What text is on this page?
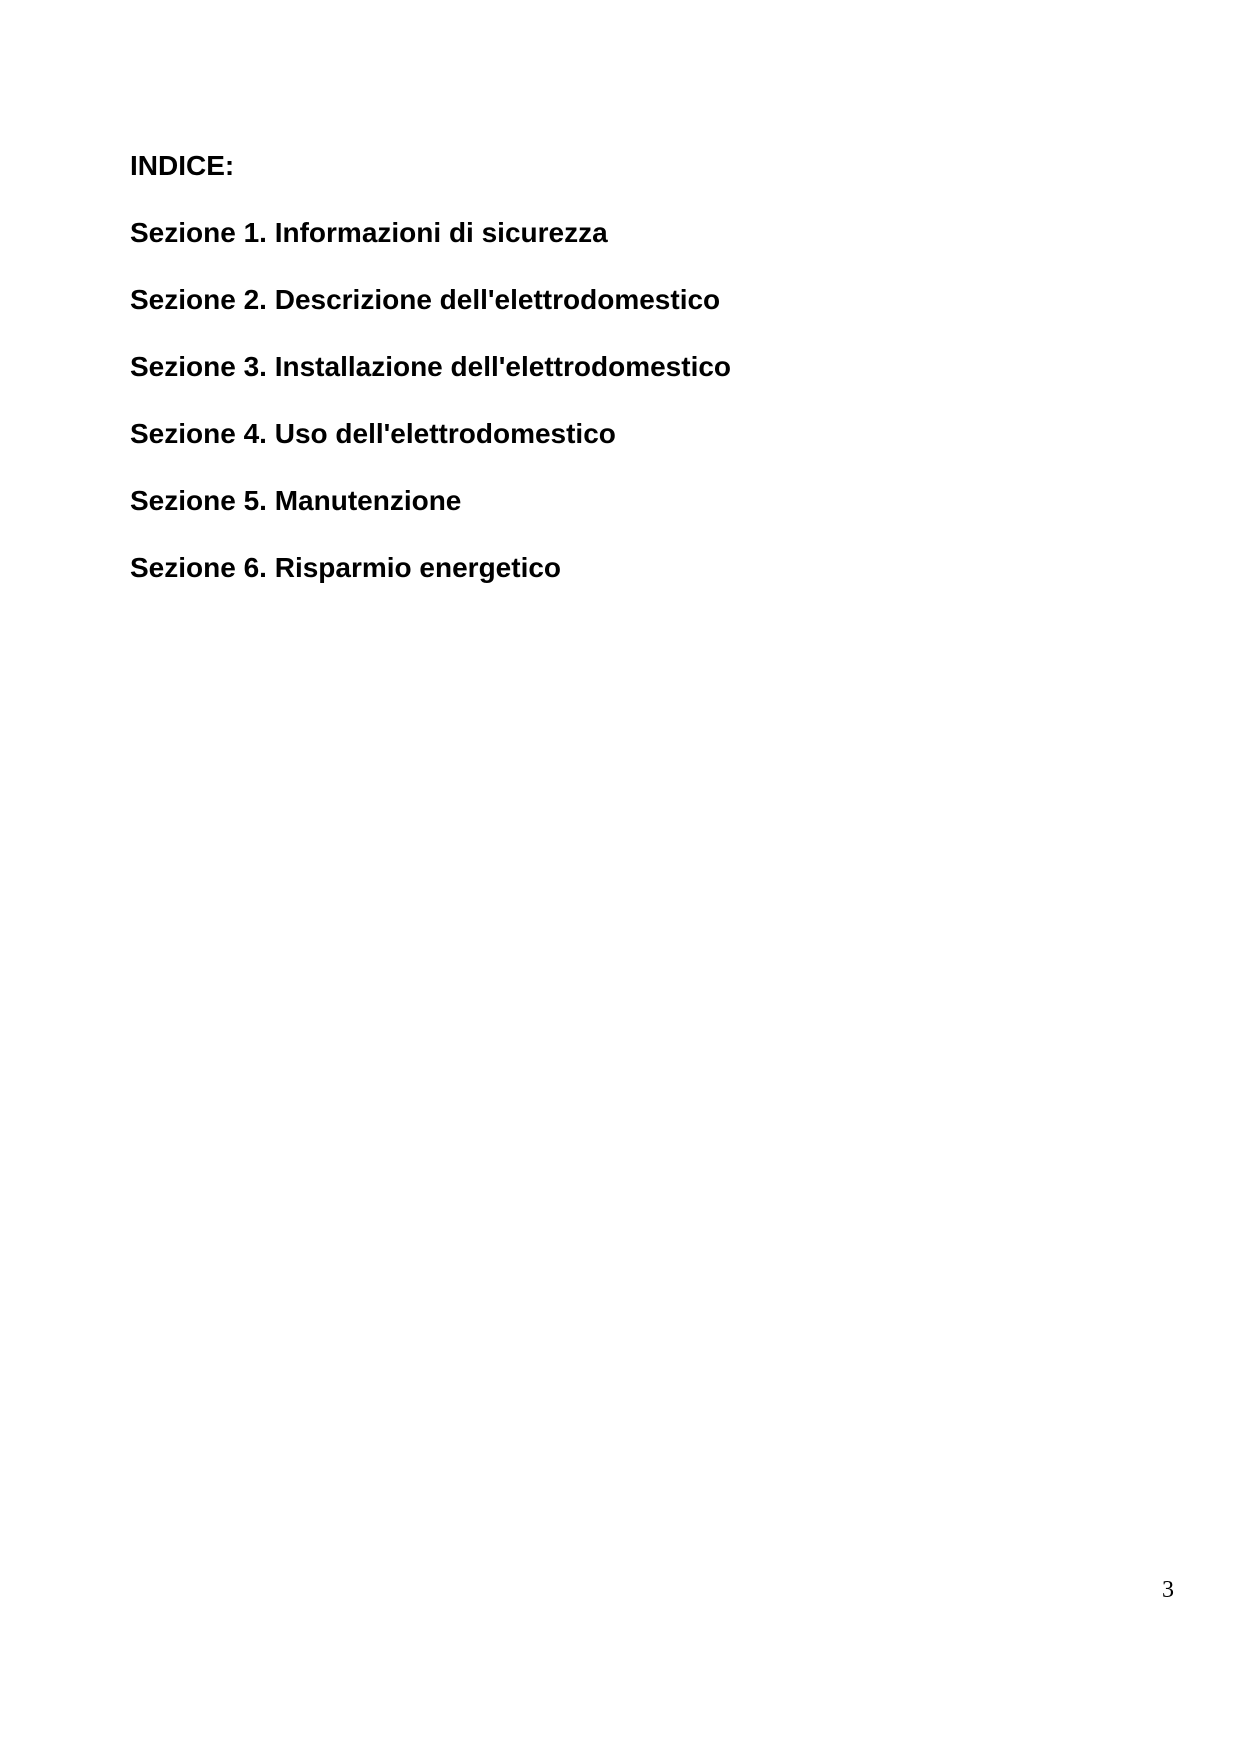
INDICE:
Sezione 1. Informazioni di sicurezza
Sezione 2. Descrizione dell'elettrodomestico
Sezione 3. Installazione dell'elettrodomestico
Sezione 4. Uso dell'elettrodomestico
Sezione 5. Manutenzione
Sezione 6. Risparmio energetico
3
